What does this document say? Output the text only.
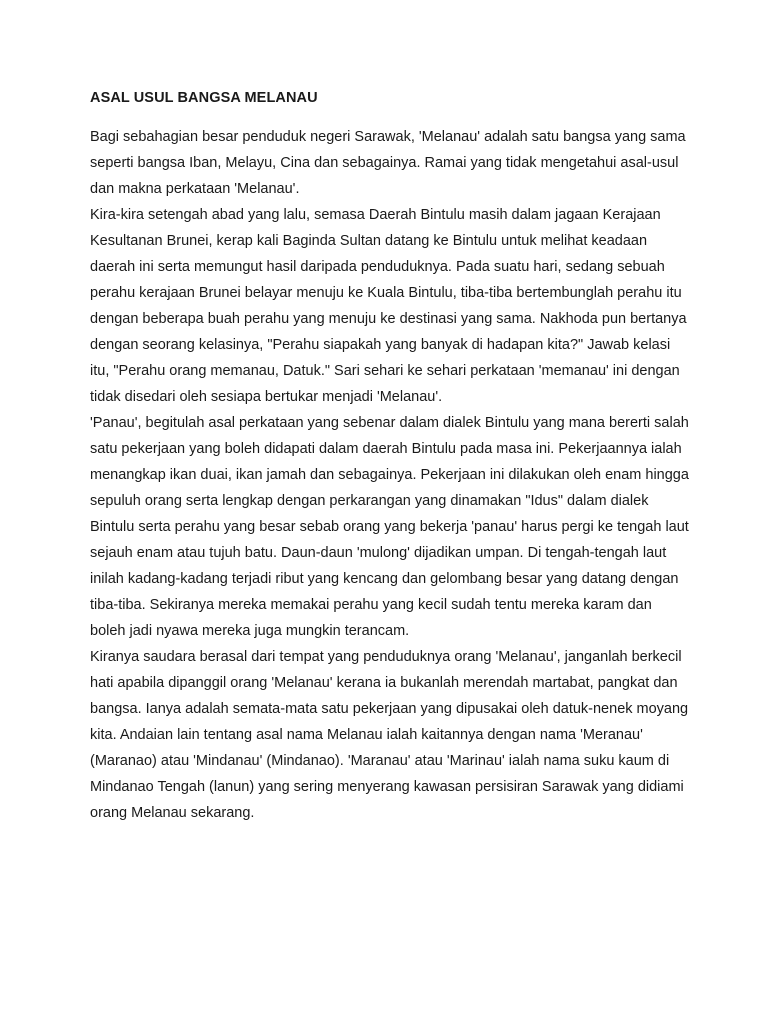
ASAL USUL BANGSA MELANAU

Bagi sebahagian besar penduduk negeri Sarawak, 'Melanau' adalah satu bangsa yang sama seperti bangsa Iban, Melayu, Cina dan sebagainya. Ramai yang tidak mengetahui asal-usul dan makna perkataan 'Melanau'.

Kira-kira setengah abad yang lalu, semasa Daerah Bintulu masih dalam jagaan Kerajaan Kesultanan Brunei, kerap kali Baginda Sultan datang ke Bintulu untuk melihat keadaan daerah ini serta memungut hasil daripada penduduknya. Pada suatu hari, sedang sebuah perahu kerajaan Brunei belayar menuju ke Kuala Bintulu, tiba-tiba bertembunglah perahu itu dengan beberapa buah perahu yang menuju ke destinasi yang sama. Nakhoda pun bertanya dengan seorang kelasinya, "Perahu siapakah yang banyak di hadapan kita?" Jawab kelasi itu, "Perahu orang memanau, Datuk." Sari sehari ke sehari perkataan 'memanau' ini dengan tidak disedari oleh sesiapa bertukar menjadi 'Melanau'.

'Panau', begitulah asal perkataan yang sebenar dalam dialek Bintulu yang mana bererti salah satu pekerjaan yang boleh didapati dalam daerah Bintulu pada masa ini. Pekerjaannya ialah menangkap ikan duai, ikan jamah dan sebagainya. Pekerjaan ini dilakukan oleh enam hingga sepuluh orang serta lengkap dengan perkarangan yang dinamakan "Idus" dalam dialek Bintulu serta perahu yang besar sebab orang yang bekerja 'panau' harus pergi ke tengah laut sejauh enam atau tujuh batu. Daun-daun 'mulong' dijadikan umpan. Di tengah-tengah laut inilah kadang-kadang terjadi ribut yang kencang dan gelombang besar yang datang dengan tiba-tiba. Sekiranya mereka memakai perahu yang kecil sudah tentu mereka karam dan boleh jadi nyawa mereka juga mungkin terancam.

Kiranya saudara berasal dari tempat yang penduduknya orang 'Melanau', janganlah berkecil hati apabila dipanggil orang 'Melanau' kerana ia bukanlah merendah martabat, pangkat dan bangsa. Ianya adalah semata-mata satu pekerjaan yang dipusakai oleh datuk-nenek moyang kita. Andaian lain tentang asal nama Melanau ialah kaitannya dengan nama 'Meranau' (Maranao) atau 'Mindanau' (Mindanao). 'Maranau' atau 'Marinau' ialah nama suku kaum di Mindanao Tengah (lanun) yang sering menyerang kawasan persisiran Sarawak yang didiami orang Melanau sekarang.
